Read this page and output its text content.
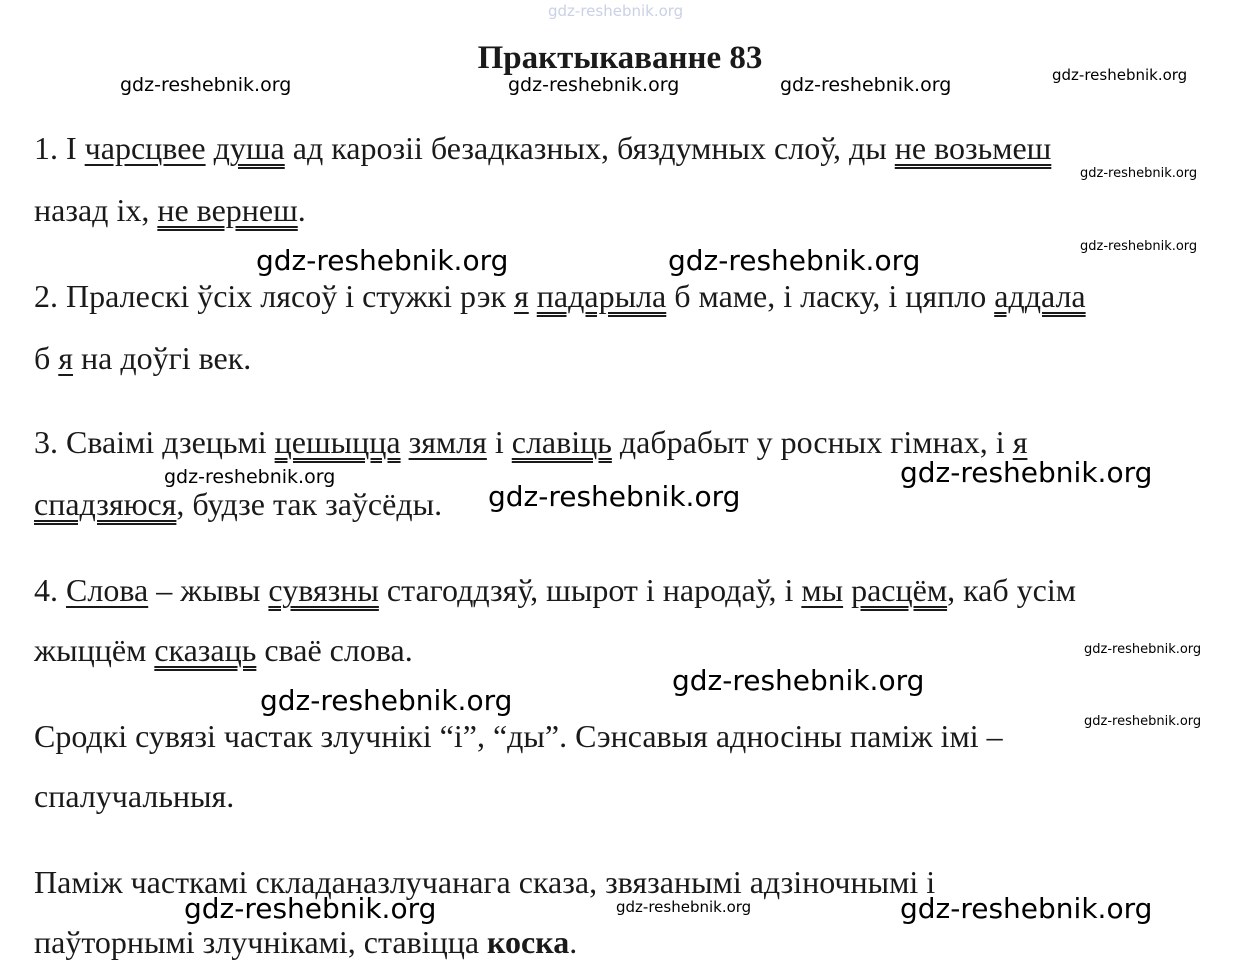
Практыкаванне 83
1. І чарсцвее душа ад карозіі безадказных, бяздумных слоў, ды не возьмеш
назад іх, не вернеш.
2. Пралескі ўсіх лясоў і стужкі рэк я падарыла б маме, і ласку, і цяпло аддала
б я на доўгі век.
3. Сваімі дзецьмі цешыцца зямля і славіць дабрабыт у росных гімнах, і я
спадзяюся, будзе так заўсёды.
4. Слова – жывы сувязны стагоддзяў, шырот і народаў, і мы расцём, каб усім
жыццём сказаць сваё слова.
Сродкі сувязі частак злучнікі “і”, “ды”. Сэнсавыя адносіны паміж імі –
спалучальныя.
Паміж часткамі складаназлучанага сказа, звязанымі адзіночнымі і
паўторнымі злучнікамі, ставіцца коска.
gdz-reshebnik.org
gdz-reshebnik.org	gdz-reshebnik.org	gdz-reshebnik.org	gdz-reshebnik.org
gdz-reshebnik.org
gdz-reshebnik.org
gdz-reshebnik.org	gdz-reshebnik.org
gdz-reshebnik.org	gdz-reshebnik.org
gdz-reshebnik.org
gdz-reshebnik.org
gdz-reshebnik.org
gdz-reshebnik.org
gdz-reshebnik.org
gdz-reshebnik.org	gdz-reshebnik.org	gdz-reshebnik.org
